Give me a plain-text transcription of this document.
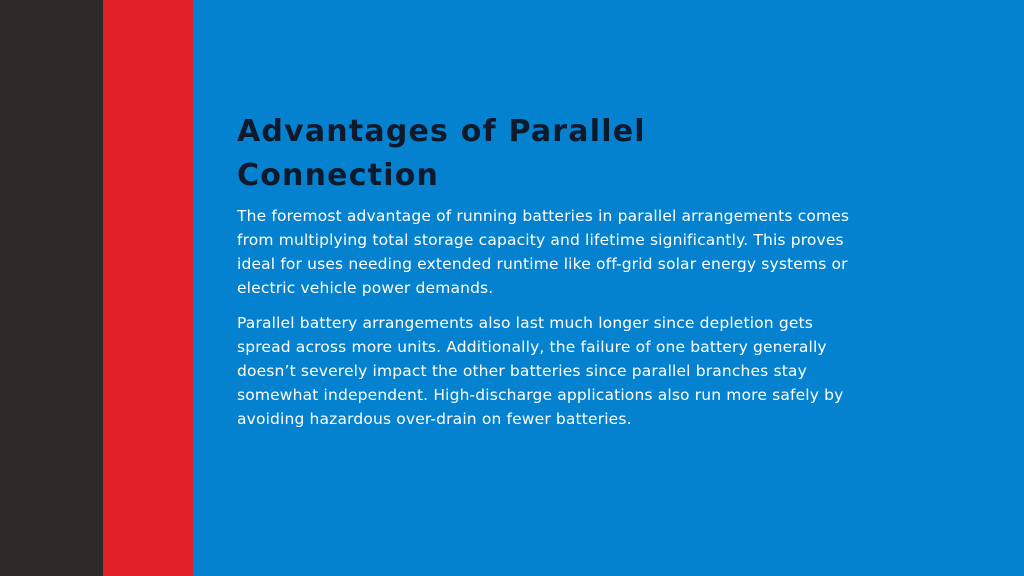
Advantages of Parallel
Connection

The foremost advantage of running batteries in parallel arrangements comes from multiplying total storage capacity and lifetime significantly. This proves ideal for uses needing extended runtime like off-grid solar energy systems or electric vehicle power demands.

Parallel battery arrangements also last much longer since depletion gets spread across more units. Additionally, the failure of one battery generally doesn’t severely impact the other batteries since parallel branches stay somewhat independent. High-discharge applications also run more safely by avoiding hazardous over-drain on fewer batteries.
